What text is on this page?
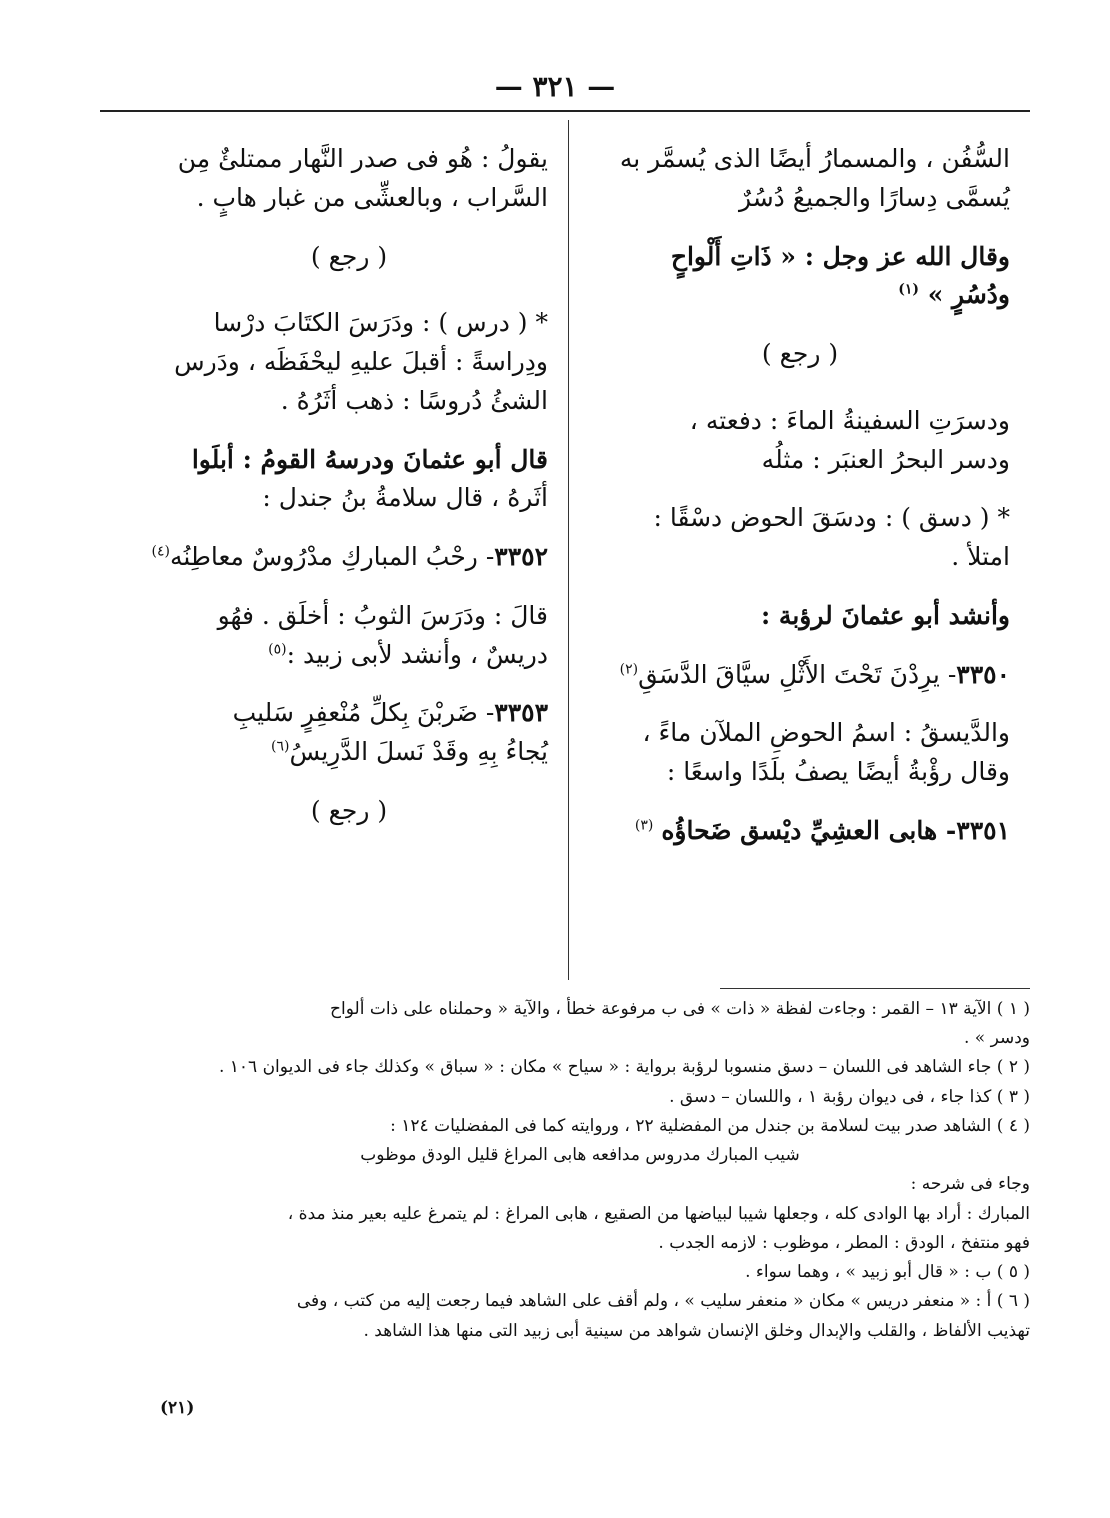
— ٣٢١ —

السُّفُن ، والمسمارُ أيضًا الذى يُسمَّر به
يُسمَّى دِسارًا والجميعُ دُسُرٌ

وقال الله عز وجل : « ذَاتِ أَلْواحٍ
ودُسُرٍ » $^{(١)}$

( رجع )

ودسرَتِ السفينةُ الماءَ : دفعته ،
ودسر البحرُ العنبَر : مثلُه

* ( دسق ) : ودسَقَ الحوض دسْقًا :
امتلأ .

وأنشد أبو عثمانَ لرؤبة :

٣٣٥٠- يرِدْنَ تَحْتَ الأَثْلِ سيَّاقَ الدَّسَقِ$^{(٢)}$

والدَّيسقُ : اسمُ الحوضِ الملآن ماءً ،
وقال رؤْبةُ أيضًا يصفُ بلَدًا واسعًا :

٣٣٥١- هابى العشِيِّ ديْسق ضَحاؤُه $^{(٣)}$

يقولُ : هُو فى صدر النَّهار ممتلئٌ مِن
السَّراب ، وبالعشِّى من غبار هابٍ .

( رجع )

* ( درس ) : ودَرَسَ الكتَابَ درْسا
ودِراسةً : أقبلَ عليهِ ليحْفَظَه ، ودَرس
الشئُ دُروسًا : ذهب أثَرُهُ .

قال أبو عثمانَ ودرسهُ القومُ : أبلَوا
أثَرهُ ، قال سلامةُ بنُ جندل :

٣٣٥٢- رحْبُ المباركِ مدْرُوسٌ معاطِنُه$^{(٤)}$

قالَ : ودَرَسَ الثوبُ : أخلَق . فهُو
دريسٌ ، وأنشد لأبى زبيد :$^{(٥)}$

٣٣٥٣- ضَربْنَ بِكلِّ مُنْعفِرٍ سَليبِ
يُجاءُ بِهِ وقَدْ نَسلَ الدَّرِيسُ$^{(٦)}$

( رجع )
( ١ ) الآية ١٣ – القمر : وجاءت لفظة « ذات » فى ب مرفوعة خطأ ، والآية « وحملناه على ذات ألواح
ودسر » .
( ٢ ) جاء الشاهد فى اللسان – دسق منسوبا لرؤبة برواية : « سياح » مكان : « سباق » وكذلك جاء فى الديوان ١٠٦ .
( ٣ ) كذا جاء ، فى ديوان رؤبة ١ ، واللسان – دسق .
( ٤ ) الشاهد صدر بيت لسلامة بن جندل من المفضلية ٢٢ ، وروايته كما فى المفضليات ١٢٤ :
شيب المبارك مدروس مدافعه هابى المراغ قليل الودق موظوب
وجاء فى شرحه :
المبارك : أراد بها الوادى كله ، وجعلها شيبا لبياضها من الصقيع ، هابى المراغ : لم يتمرغ عليه بعير منذ مدة ،
فهو منتفخ ، الودق : المطر ، موظوب : لازمه الجدب .
( ٥ ) ب : « قال أبو زبيد » ، وهما سواء .
( ٦ ) أ : « منعفر دريس » مكان « منعفر سليب » ، ولم أقف على الشاهد فيما رجعت إليه من كتب ، وفى
تهذيب الألفاظ ، والقلب والإبدال وخلق الإنسان شواهد من سينية أبى زبيد التى منها هذا الشاهد .
(٢١)
